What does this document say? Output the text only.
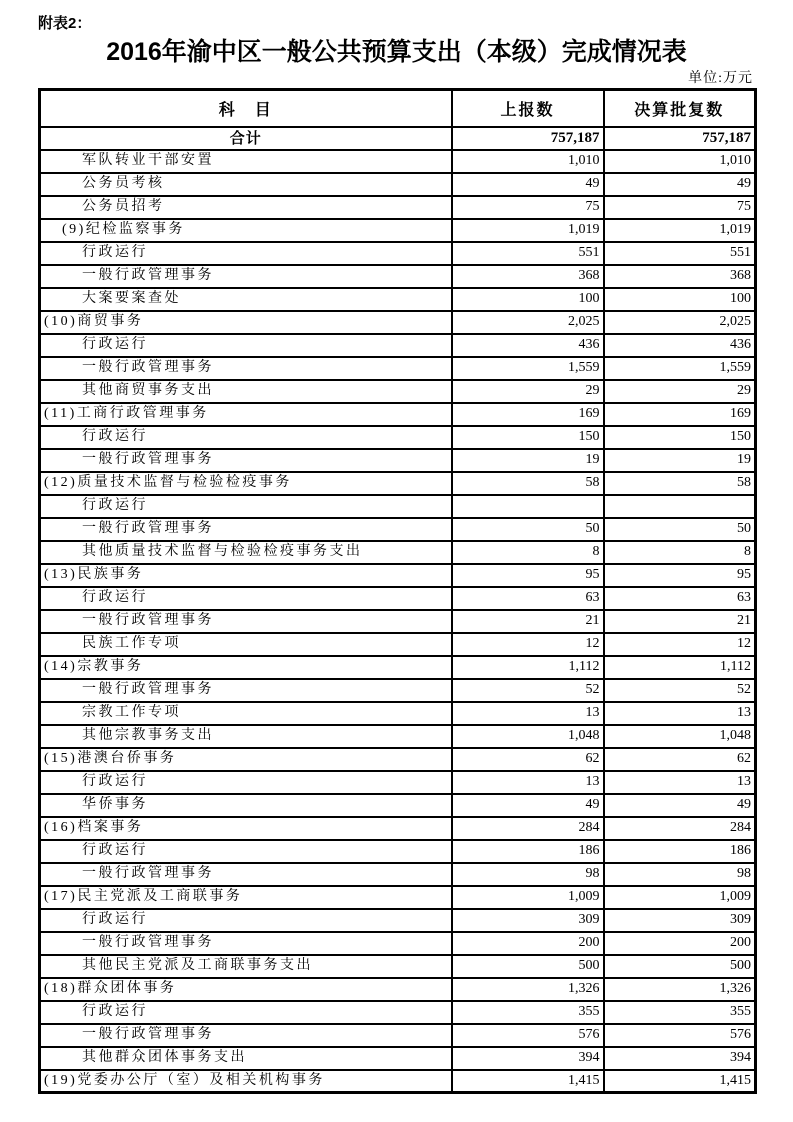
附表2：
2016年渝中区一般公共预算支出（本级）完成情况表
单位:万元
科　目	上报数	决算批复数
合计	757,187	757,187
军队转业干部安置	1,010	1,010
公务员考核	49	49
公务员招考	75	75
(9)纪检监察事务	1,019	1,019
行政运行	551	551
一般行政管理事务	368	368
大案要案查处	100	100
(10)商贸事务	2,025	2,025
行政运行	436	436
一般行政管理事务	1,559	1,559
其他商贸事务支出	29	29
(11)工商行政管理事务	169	169
行政运行	150	150
一般行政管理事务	19	19
(12)质量技术监督与检验检疫事务	58	58
行政运行		
一般行政管理事务	50	50
其他质量技术监督与检验检疫事务支出	8	8
(13)民族事务	95	95
行政运行	63	63
一般行政管理事务	21	21
民族工作专项	12	12
(14)宗教事务	1,112	1,112
一般行政管理事务	52	52
宗教工作专项	13	13
其他宗教事务支出	1,048	1,048
(15)港澳台侨事务	62	62
行政运行	13	13
华侨事务	49	49
(16)档案事务	284	284
行政运行	186	186
一般行政管理事务	98	98
(17)民主党派及工商联事务	1,009	1,009
行政运行	309	309
一般行政管理事务	200	200
其他民主党派及工商联事务支出	500	500
(18)群众团体事务	1,326	1,326
行政运行	355	355
一般行政管理事务	576	576
其他群众团体事务支出	394	394
(19)党委办公厅（室）及相关机构事务	1,415	1,415
